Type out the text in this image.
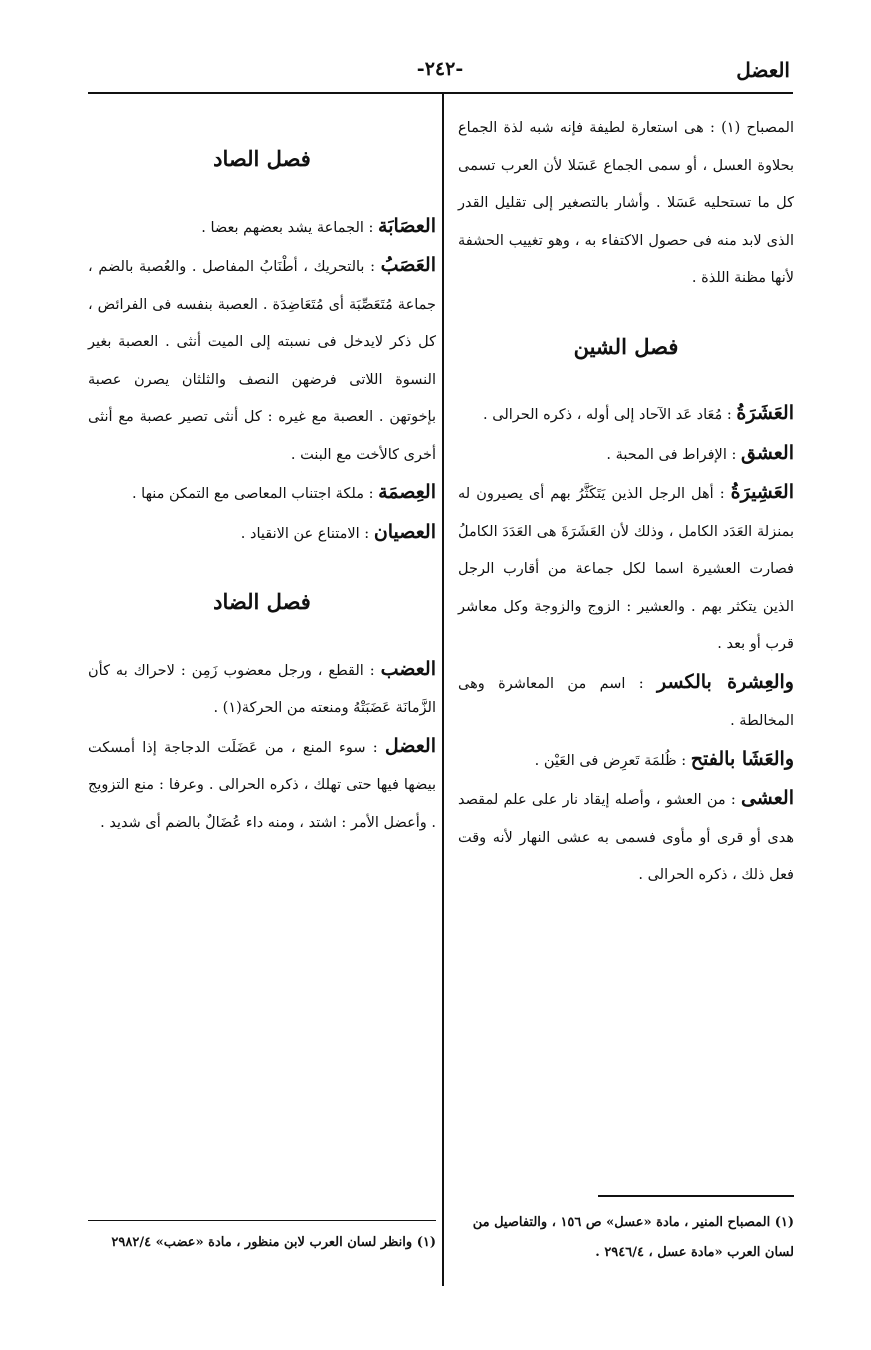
العضل
-٢٤٢-

المصباح (١) : هى استعارة لطيفة فإنه شبه لذة الجماع بحلاوة العسل ، أو سمى الجماع عَسَلا لأن العرب تسمى كل ما تستحليه عَسَلا . وأشار بالتصغير إلى تقليل القدر الذى لابد منه فى حصول الاكتفاء به ، وهو تغييب الحشفة لأنها مظنة اللذة .

فصل الشين

العَشَرَةُ : مُعَاد عَد الآحاد إلى أوله ، ذكره الحرالى .

العشق : الإفراط فى المحبة .

العَشِيرَةُ : أهل الرجل الذين يَتَكَثَّرُ بهم أى يصيرون له بمنزلة العَدَد الكامل ، وذلك لأن العَشَرَةَ هى العَدَدَ الكاملُ فصارت العشيرة اسما لكل جماعة من أقارب الرجل الذين يتكثر بهم . والعشير : الزوج والزوجة وكل معاشر قرب أو بعد .

والعِشرة بالكسر : اسم من المعاشرة وهى المخالطة .

والعَشَا بالفتح : ظُلمَة تَعرِض فى العَيْن .

العشى : من العشو ، وأصله إيقاد نار على علم لمقصد هدى أو قرى أو مأوى فسمى به عشى النهار لأنه وقت فعل ذلك ، ذكره الحرالى .

فصل الصاد

العصَابَة : الجماعة يشد بعضهم بعضا .

العَصَبُ : بالتحريك ، أطْنَابُ المفاصل . والعُصبة بالضم ، جماعة مُتَعَصِّبَة أى مُتَعَاضِدَة . العصبة بنفسه فى الفرائض ، كل ذكر لايدخل فى نسبته إلى الميت أنثى . العصبة بغير النسوة اللاتى فرضهن النصف والثلثان يصرن عصبة بإخوتهن . العصبة مع غيره : كل أنثى تصير عصبة مع أنثى أخرى كالأخت مع البنت .

العِصمَة : ملكة اجتناب المعاصى مع التمكن منها .

العصيان : الامتناع عن الانقياد .

فصل الضاد

العضب : القطع ، ورجل معضوب زَمِن : لاحراك به كأن الزَّمانَة عَضَبَتْهُ ومنعته من الحركة(١) .

العضل : سوء المنع ، من عَضَلَت الدجاجة إذا أمسكت بيضها فيها حتى تهلك ، ذكره الحرالى . وعرفا : منع التزويج . وأعضل الأمر : اشتد ، ومنه داء عُضَالٌ بالضم أى شديد .

(١) المصباح المنير ، مادة «عسل» ص ١٥٦ ، والتفاصيل من لسان العرب «مادة عسل ، ٢٩٤٦/٤ .

(١) وانظر لسان العرب لابن منظور ، مادة «عضب» ٢٩٨٢/٤
